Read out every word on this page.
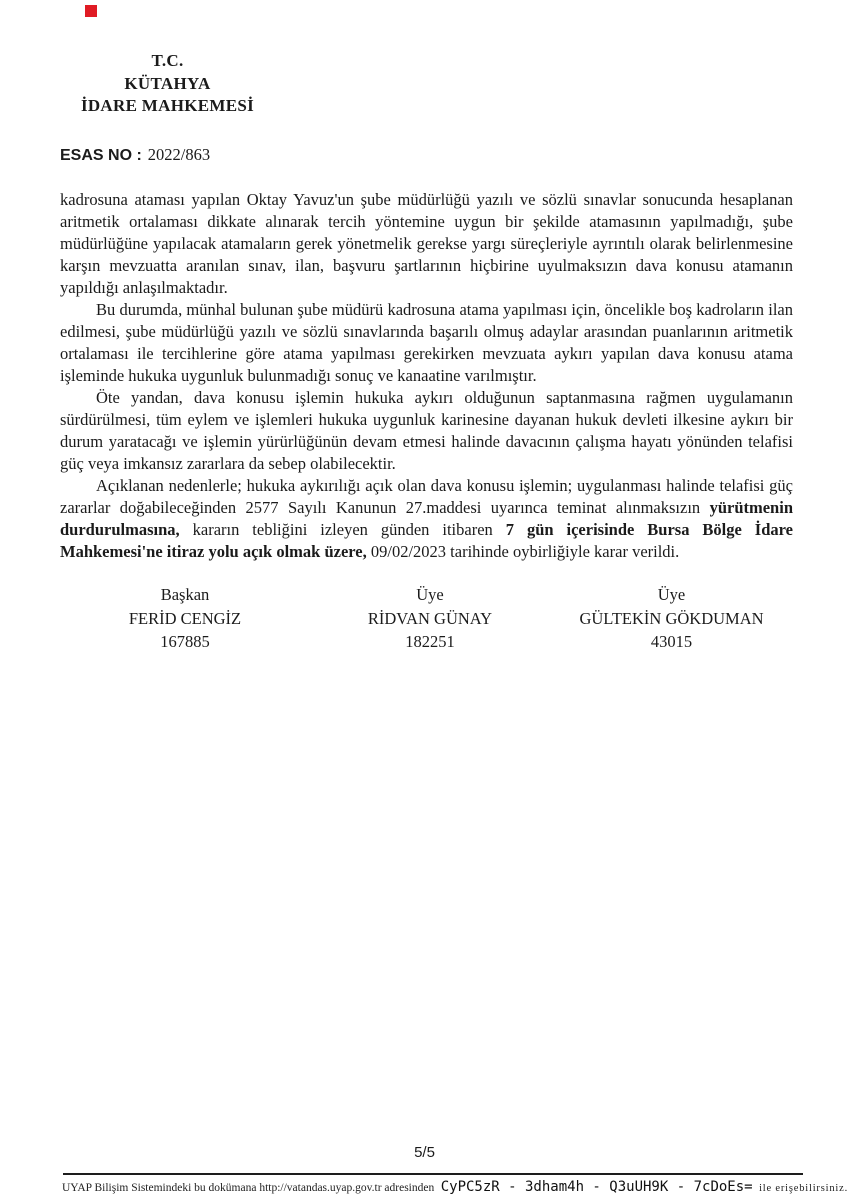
T.C.
KÜTAHYA
İDARE MAHKEMESİ
ESAS NO : 2022/863

kadrosuna ataması yapılan Oktay Yavuz'un şube müdürlüğü yazılı ve sözlü sınavlar sonucunda hesaplanan aritmetik ortalaması dikkate alınarak tercih yöntemine uygun bir şekilde atamasının yapılmadığı, şube müdürlüğüne yapılacak atamaların gerek yönetmelik gerekse yargı süreçleriyle ayrıntılı olarak belirlenmesine karşın mevzuatta aranılan sınav, ilan, başvuru şartlarının hiçbirine uyulmaksızın dava konusu atamanın yapıldığı anlaşılmaktadır.

Bu durumda, münhal bulunan şube müdürü kadrosuna atama yapılması için, öncelikle boş kadroların ilan edilmesi, şube müdürlüğü yazılı ve sözlü sınavlarında başarılı olmuş adaylar arasından puanlarının aritmetik ortalaması ile tercihlerine göre atama yapılması gerekirken mevzuata aykırı yapılan dava konusu atama işleminde hukuka uygunluk bulunmadığı sonuç ve kanaatine varılmıştır.

Öte yandan, dava konusu işlemin hukuka aykırı olduğunun saptanmasına rağmen uygulamanın sürdürülmesi, tüm eylem ve işlemleri hukuka uygunluk karinesine dayanan hukuk devleti ilkesine aykırı bir durum yaratacağı ve işlemin yürürlüğünün devam etmesi halinde davacının çalışma hayatı yönünden telafisi güç veya imkansız zararlara da sebep olabilecektir.

Açıklanan nedenlerle; hukuka aykırılığı açık olan dava konusu işlemin; uygulanması halinde telafisi güç zararlar doğabileceğinden 2577 Sayılı Kanunun 27.maddesi uyarınca teminat alınmaksızın yürütmenin durdurulmasına, kararın tebliğini izleyen günden itibaren 7 gün içerisinde Bursa Bölge İdare Mahkemesi'ne itiraz yolu açık olmak üzere, 09/02/2023 tarihinde oybirliğiyle karar verildi.

Başkan
FERİD CENGİZ
167885
Üye
RİDVAN GÜNAY
182251
Üye
GÜLTEKİN GÖKDUMAN
43015
5/5
UYAP Bilişim Sistemindeki bu dokümana http://vatandas.uyap.gov.tr adresinden CyPC5zR - 3dham4h - Q3uUH9K - 7cDoEs= ile erişebilirsiniz.
